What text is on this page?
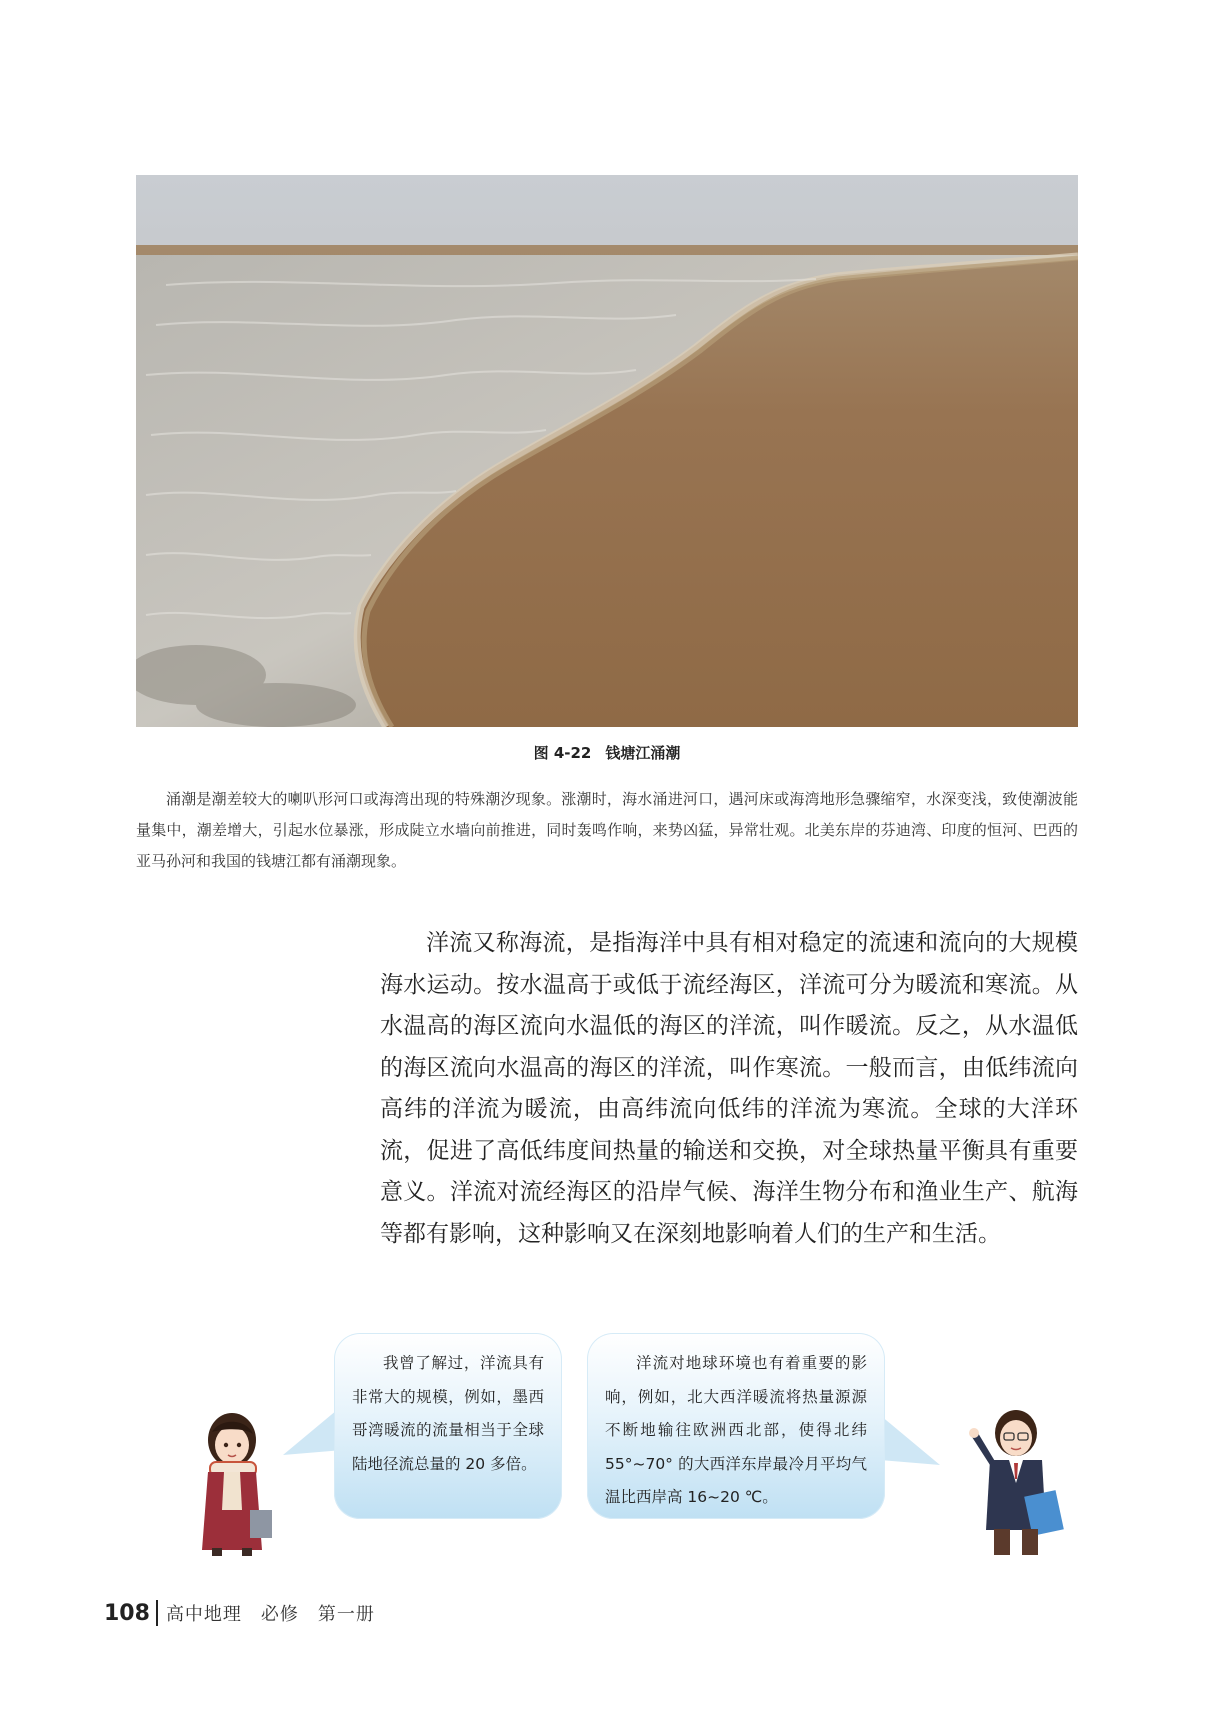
图 4-22 钱塘江涌潮
涌潮是潮差较大的喇叭形河口或海湾出现的特殊潮汐现象。涨潮时，海水涌进河口，遇河床或海湾地形急骤缩窄，水深变浅，致使潮波能量集中，潮差增大，引起水位暴涨，形成陡立水墙向前推进，同时轰鸣作响，来势凶猛，异常壮观。北美东岸的芬迪湾、印度的恒河、巴西的亚马孙河和我国的钱塘江都有涌潮现象。
洋流又称海流，是指海洋中具有相对稳定的流速和流向的大规模海水运动。按水温高于或低于流经海区，洋流可分为暖流和寒流。从水温高的海区流向水温低的海区的洋流，叫作暖流。反之，从水温低的海区流向水温高的海区的洋流，叫作寒流。一般而言，由低纬流向高纬的洋流为暖流，由高纬流向低纬的洋流为寒流。全球的大洋环流，促进了高低纬度间热量的输送和交换，对全球热量平衡具有重要意义。洋流对流经海区的沿岸气候、海洋生物分布和渔业生产、航海等都有影响，这种影响又在深刻地影响着人们的生产和生活。
我曾了解过，洋流具有非常大的规模，例如，墨西哥湾暖流的流量相当于全球陆地径流总量的 20 多倍。
洋流对地球环境也有着重要的影响，例如，北大西洋暖流将热量源源不断地输往欧洲西北部，使得北纬 55°~70° 的大西洋东岸最冷月平均气温比西岸高 16~20 ℃。
108 高中地理　必修　第一册
